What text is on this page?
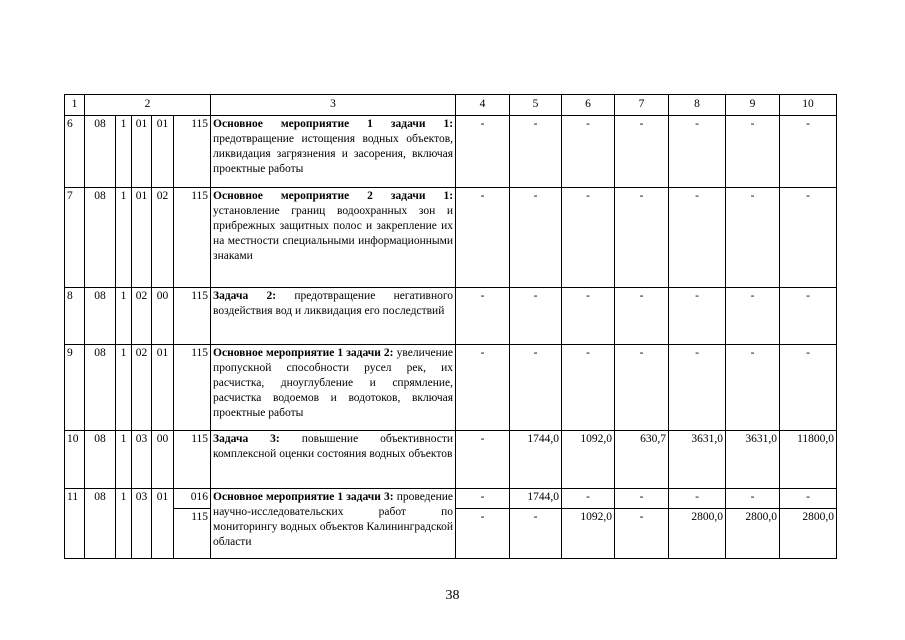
1	2					3	4	5	6	7	8	9	10
6	08	1	01	01	115	Основное мероприятие 1 задачи 1: предотвращение истощения водных объектов, ликвидация загрязнения и засорения, включая проектные работы	-	-	-	-	-	-	-
7	08	1	01	02	115	Основное мероприятие 2 задачи 1: установление границ водоохранных зон и прибрежных защитных полос и закрепление их на местности специальными информационными знаками	-	-	-	-	-	-	-
8	08	1	02	00	115	Задача 2: предотвращение негативного воздействия вод и ликвидация его последствий	-	-	-	-	-	-	-
9	08	1	02	01	115	Основное мероприятие 1 задачи 2: увеличение пропускной способности русел рек, их расчистка, дноуглубление и спрямление, расчистка водоемов и водотоков, включая проектные работы	-	-	-	-	-	-	-
10	08	1	03	00	115	Задача 3: повышение объективности комплексной оценки состояния водных объектов	-	1744,0	1092,0	630,7	3631,0	3631,0	11800,0
11	08	1	03	01	016	Основное мероприятие 1 задачи 3: проведение научно-исследовательских работ по мониторингу водных объектов Калининградской области	-	1744,0	-	-	-	-	-
					115		-	-	1092,0	-	2800,0	2800,0	2800,0
38
